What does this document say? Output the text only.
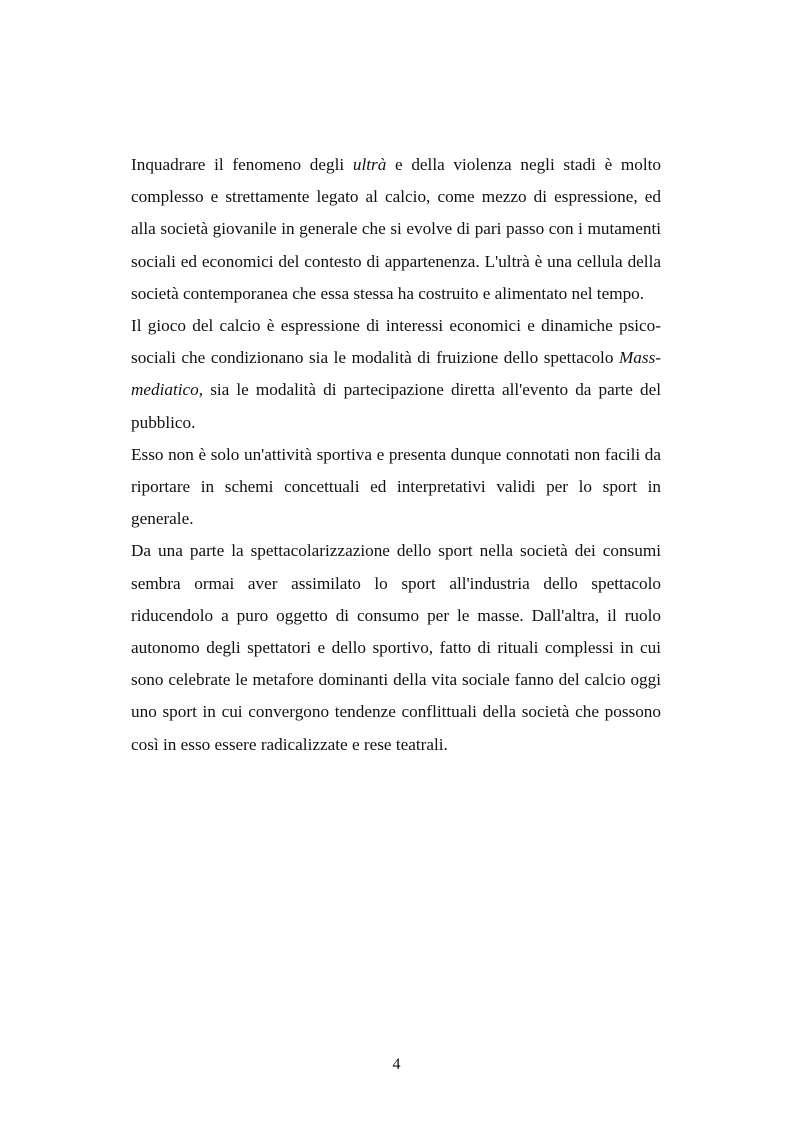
Inquadrare il fenomeno degli ultrà e della violenza negli stadi è molto complesso e strettamente legato al calcio, come mezzo di espressione, ed alla società giovanile in generale che si evolve di pari passo con i mutamenti sociali ed economici del contesto di appartenenza. L'ultrà è una cellula della società contemporanea che essa stessa ha costruito e alimentato nel tempo.

Il gioco del calcio è espressione di interessi economici e dinamiche psico-sociali che condizionano sia le modalità di fruizione dello spettacolo Mass-mediatico, sia le modalità di partecipazione diretta all'evento da parte del pubblico.

Esso non è solo un'attività sportiva e presenta dunque connotati non facili da riportare in schemi concettuali ed interpretativi validi per lo sport in generale.

Da una parte la spettacolarizzazione dello sport nella società dei consumi sembra ormai aver assimilato lo sport all'industria dello spettacolo riducendolo a puro oggetto di consumo per le masse. Dall'altra, il ruolo autonomo degli spettatori e dello sportivo, fatto di rituali complessi in cui sono celebrate le metafore dominanti della vita sociale fanno del calcio oggi uno sport in cui convergono tendenze conflittuali della società che possono così in esso essere radicalizzate e rese teatrali.

4
